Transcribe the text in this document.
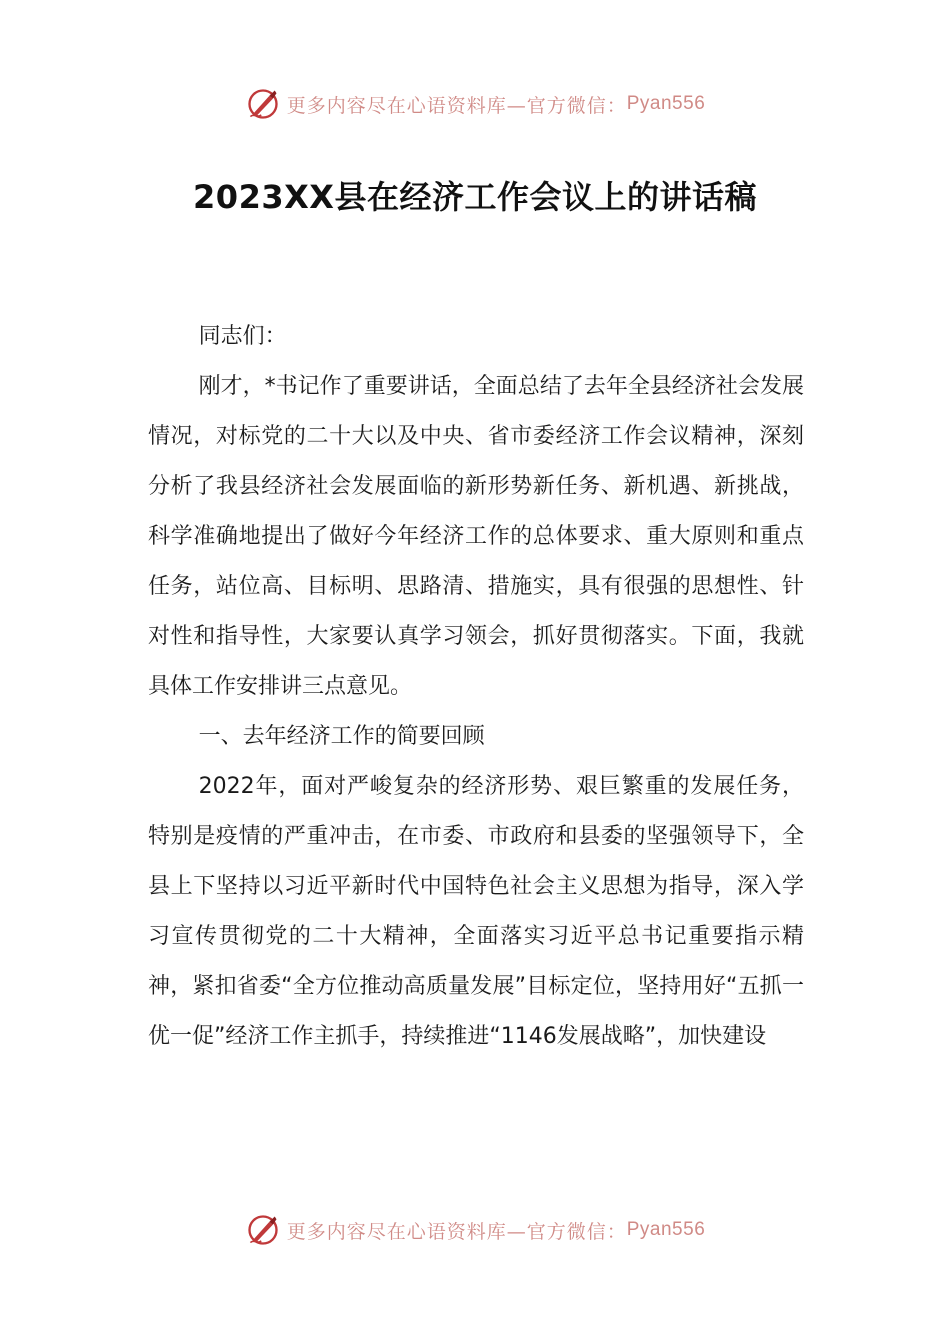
更多内容尽在心语资料库—官方微信： Pyan556
2023XX县在经济工作会议上的讲话稿

同志们：

刚才，*书记作了重要讲话，全面总结了去年全县经济社会发展情况，对标党的二十大以及中央、省市委经济工作会议精神，深刻分析了我县经济社会发展面临的新形势新任务、新机遇、新挑战，科学准确地提出了做好今年经济工作的总体要求、重大原则和重点任务，站位高、目标明、思路清、措施实，具有很强的思想性、针对性和指导性，大家要认真学习领会，抓好贯彻落实。下面，我就具体工作安排讲三点意见。

一、去年经济工作的简要回顾

2022年，面对严峻复杂的经济形势、艰巨繁重的发展任务，特别是疫情的严重冲击，在市委、市政府和县委的坚强领导下，全县上下坚持以习近平新时代中国特色社会主义思想为指导，深入学习宣传贯彻党的二十大精神，全面落实习近平总书记重要指示精神，紧扣省委“全方位推动高质量发展”目标定位，坚持用好“五抓一优一促”经济工作主抓手，持续推进“1146发展战略”，加快建设

更多内容尽在心语资料库—官方微信： Pyan556
